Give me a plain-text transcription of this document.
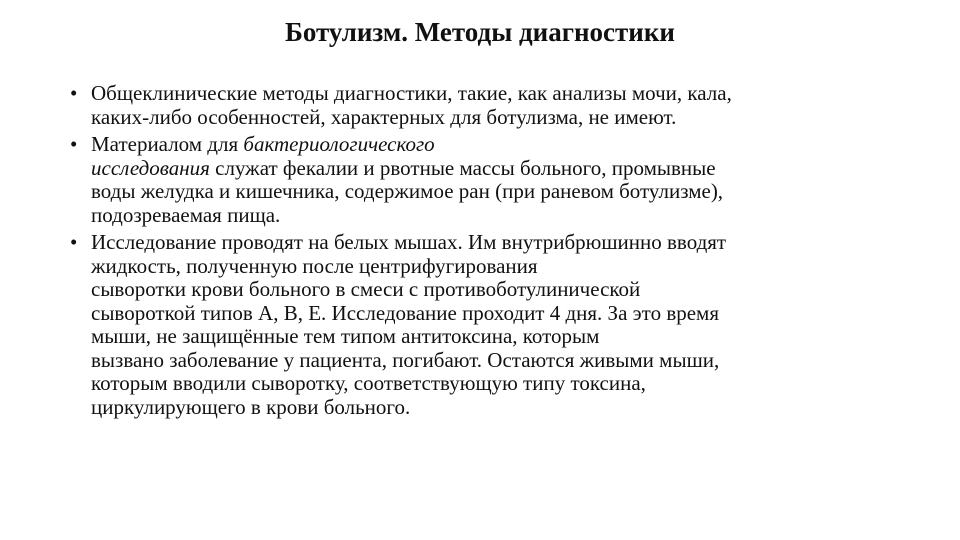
Ботулизм. Методы диагностики
• Общеклинические методы диагностики, такие, как анализы мочи, кала,
каких-либо особенностей, характерных для ботулизма, не имеют.
• Материалом для бактериологического
исследования служат фекалии и рвотные массы больного, промывные
воды желудка и кишечника, содержимое ран (при раневом ботулизме),
подозреваемая пища.
• Исследование проводят на белых мышах. Им внутрибрюшинно вводят
жидкость, полученную после центрифугирования
сыворотки крови больного в смеси с противоботулинической
сывороткой типов А, В, Е. Исследование проходит 4 дня. За это время
мыши, не защищённые тем типом антитоксина, которым
вызвано заболевание у пациента, погибают. Остаются живыми мыши,
которым вводили сыворотку, соответствующую типу токсина,
циркулирующего в крови больного.
